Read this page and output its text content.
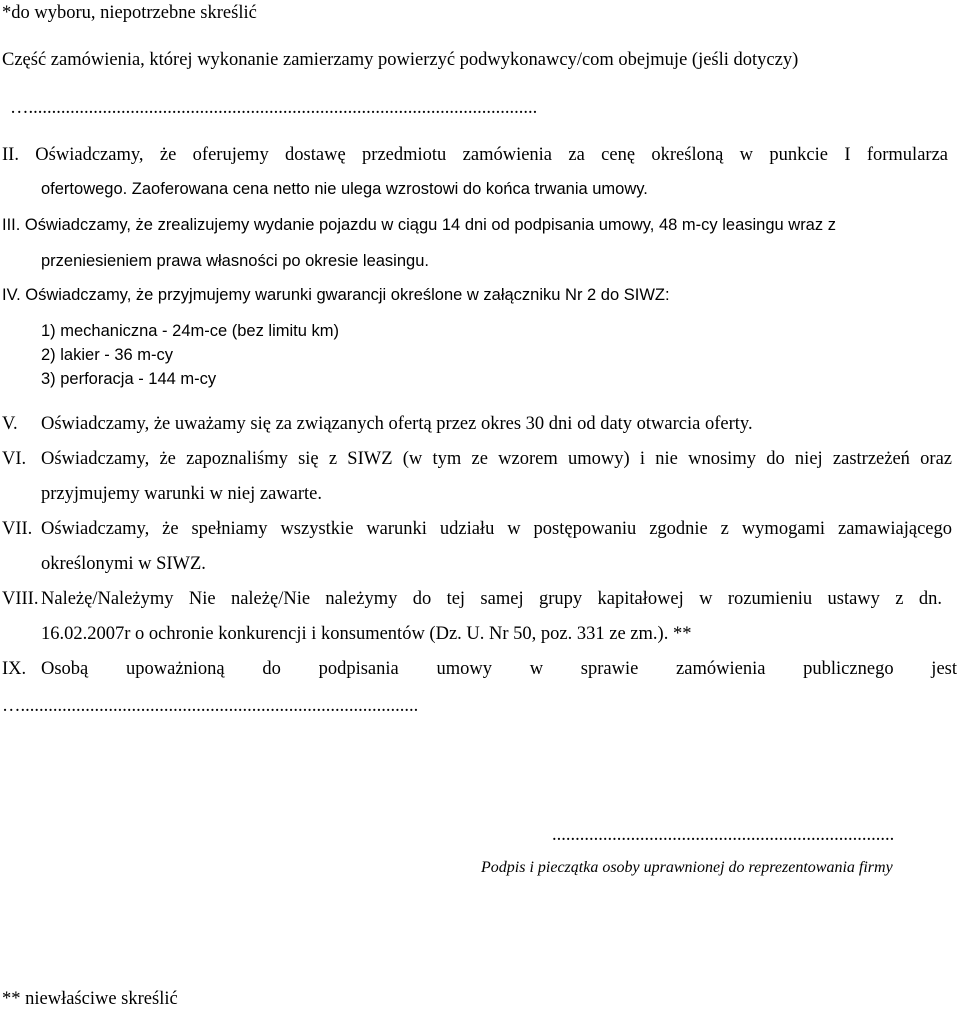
*do wyboru, niepotrzebne skreślić
Część zamówienia, której wykonanie zamierzamy powierzyć podwykonawcy/com obejmuje (jeśli dotyczy)
…..............................................................................................................
II. Oświadczamy, że oferujemy dostawę przedmiotu zamówienia za cenę określoną w punkcie I formularza
ofertowego. Zaoferowana cena netto nie ulega wzrostowi do końca trwania umowy.
III. Oświadczamy, że zrealizujemy wydanie pojazdu w ciągu 14 dni od podpisania umowy, 48 m-cy leasingu wraz z
przeniesieniem prawa własności po okresie leasingu.
IV. Oświadczamy, że przyjmujemy warunki gwarancji określone w załączniku Nr 2 do SIWZ:
1) mechaniczna - 24m-ce (bez limitu km)
2) lakier - 36 m-cy
3) perforacja - 144 m-cy
V. Oświadczamy, że uważamy się za związanych ofertą przez okres 30 dni od daty otwarcia oferty.
VI. Oświadczamy, że zapoznaliśmy się z SIWZ (w tym ze wzorem umowy) i nie wnosimy do niej zastrzeżeń oraz
przyjmujemy warunki w niej zawarte.
VII. Oświadczamy, że spełniamy wszystkie warunki udziału w postępowaniu zgodnie z wymogami zamawiającego
określonymi w SIWZ.
VIII. Należę/Należymy Nie należę/Nie należymy do tej samej grupy kapitałowej w rozumieniu ustawy z dn.
16.02.2007r o ochronie konkurencji i konsumentów (Dz. U. Nr 50, poz. 331 ze zm.). **
IX. Osobą upoważnioną do podpisania umowy w sprawie zamówienia publicznego jest
…......................................................................................
..........................................................................
Podpis i pieczątka osoby uprawnionej do reprezentowania firmy
** niewłaściwe skreślić
